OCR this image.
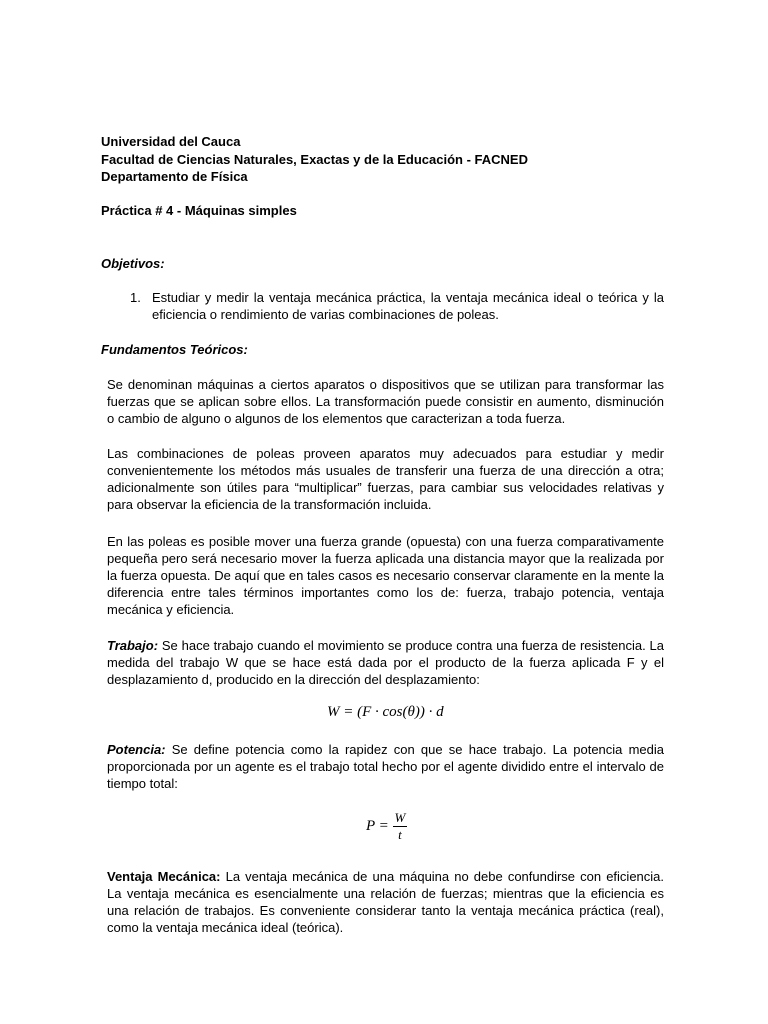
Universidad del Cauca
Facultad de Ciencias Naturales, Exactas y de la Educación - FACNED
Departamento de Física
Práctica # 4 - Máquinas simples
Objetivos:
1. Estudiar y medir la ventaja mecánica práctica, la ventaja mecánica ideal o teórica y la eficiencia o rendimiento de varias combinaciones de poleas.
Fundamentos Teóricos:
Se denominan máquinas a ciertos aparatos o dispositivos que se utilizan para transformar las fuerzas que se aplican sobre ellos. La transformación puede consistir en aumento, disminución o cambio de alguno o algunos de los elementos que caracterizan a toda fuerza.
Las combinaciones de poleas proveen aparatos muy adecuados para estudiar y medir convenientemente los métodos más usuales de transferir una fuerza de una dirección a otra; adicionalmente son útiles para “multiplicar” fuerzas, para cambiar sus velocidades relativas y para observar la eficiencia de la transformación incluida.
En las poleas es posible mover una fuerza grande (opuesta) con una fuerza comparativamente pequeña pero será necesario mover la fuerza aplicada una distancia mayor que la realizada por la fuerza opuesta. De aquí que en tales casos es necesario conservar claramente en la mente la diferencia entre tales términos importantes como los de: fuerza, trabajo potencia, ventaja mecánica y eficiencia.
Trabajo: Se hace trabajo cuando el movimiento se produce contra una fuerza de resistencia. La medida del trabajo W que se hace está dada por el producto de la fuerza aplicada F y el desplazamiento d, producido en la dirección del desplazamiento:
W = (F · cos(θ)) · d
Potencia: Se define potencia como la rapidez con que se hace trabajo. La potencia media proporcionada por un agente es el trabajo total hecho por el agente dividido entre el intervalo de tiempo total:
$P = \frac{W}{t}$
Ventaja Mecánica: La ventaja mecánica de una máquina no debe confundirse con eficiencia. La ventaja mecánica es esencialmente una relación de fuerzas; mientras que la eficiencia es una relación de trabajos. Es conveniente considerar tanto la ventaja mecánica práctica (real), como la ventaja mecánica ideal (teórica).
